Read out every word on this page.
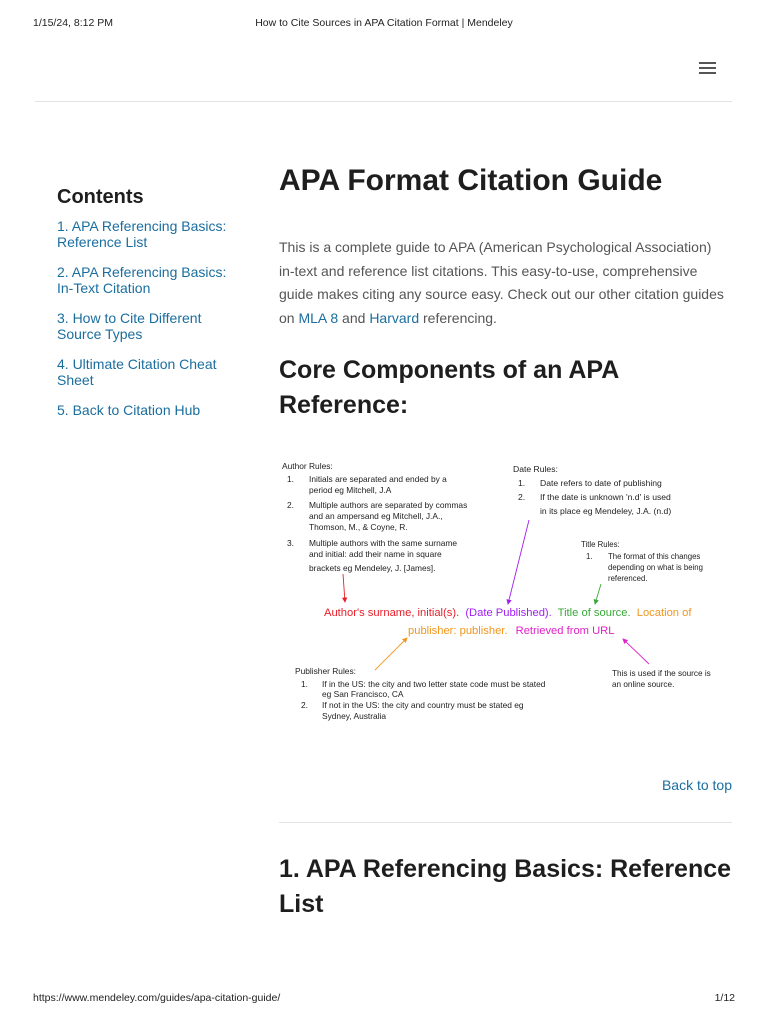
1/15/24, 8:12 PM	How to Cite Sources in APA Citation Format | Mendeley
Contents
1. APA Referencing Basics: Reference List
2. APA Referencing Basics: In-Text Citation
3. How to Cite Different Source Types
4. Ultimate Citation Cheat Sheet
5. Back to Citation Hub
APA Format Citation Guide

This is a complete guide to APA (American Psychological Association) in-text and reference list citations. This easy-to-use, comprehensive guide makes citing any source easy. Check out our other citation guides on MLA 8 and Harvard referencing.

Core Components of an APA Reference:
Author Rules:
1. Initials are separated and ended by a
period eg Mitchell, J.A
2. Multiple authors are separated by commas
and an ampersand eg Mitchell, J.A.,
Thomson, M., & Coyne, R.
3. Multiple authors with the same surname
and initial: add their name in square
brackets eg Mendeley, J. [James].
Date Rules:
1. Date refers to date of publishing
2. If the date is unknown 'n.d' is used
in its place eg Mendeley, J.A. (n.d)
Title Rules:
1. The format of this changes
depending on what is being
referenced.
Author's surname, initial(s). (Date Published). Title of source. Location of
publisher: publisher. Retrieved from URL
Publisher Rules:
1. If in the US: the city and two letter state code must be stated
eg San Francisco, CA
2. If not in the US: the city and country must be stated eg
Sydney, Australia
This is used if the source is
an online source.
Back to top
1. APA Referencing Basics: Reference List
https://www.mendeley.com/guides/apa-citation-guide/	1/12
